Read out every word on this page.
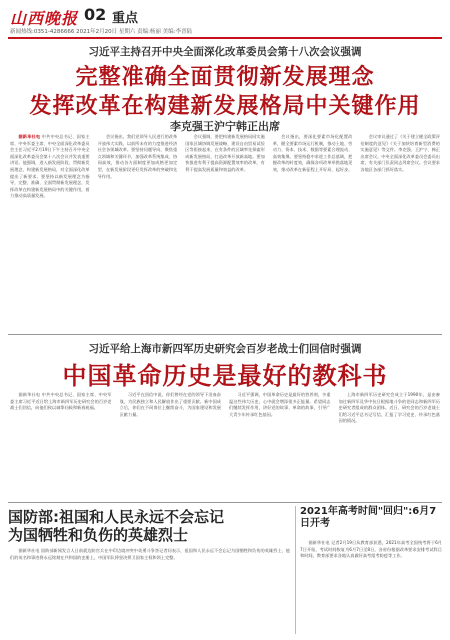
山西晚报 02 重点
新闻热线:0351-4286666 2021年2月20日 星期六 责编:杨丽 美编:李晋陆
习近平主持召开中央全面深化改革委员会第十八次会议强调
完整准确全面贯彻新发展理念
发挥改革在构建新发展格局中关键作用
李克强王沪宁韩正出席

据新华社电 中共中央总书记、国家主席、中央军委主席、中央全面深化改革委员会主任习近平2月19日下午主持召开中央全面深化改革委员会第十八次会议并发表重要讲话。他强调，进入新发展阶段、贯彻新发展理念、构建新发展格局，对全面深化改革提出了新要求。要坚持以新发展理念为指导，完整、准确、全面贯彻新发展理念，发挥改革在构建新发展格局中的关键作用，着力推动高质量发展。

会议指出，我们党领导人民进行的改革开放伟大实践，以前所未有的力度推进经济社会各领域改革。要坚持问题导向，聚焦重点领域和关键环节，加强改革系统集成、协同高效，推动各方面制度更加成熟更加定型，在新发展阶段更好发挥改革的突破和先导作用。

会议强调，要把构建新发展格局同实施国家区域协调发展战略、建设自由贸易试验区等衔接起来，在有条件的区域率先探索形成新发展格局，打造改革开放新高地。要加快推进有利于提高资源配置效率的改革，有利于提高发展质量和效益的改革。

会议指出，要深化要素市场化配置改革，健全要素市场运行机制，推动土地、劳动力、资本、技术、数据等要素合理流动、高效集聚。要坚持稳中求进工作总基调，把握改革的时度效，确保各项改革举措落地见效，推动改革在新征程上开好局、起好步。

会议审议通过了《关于建立健全政策评估制度的意见》《关于加快培育新型消费的实施意见》等文件。李克强、王沪宁、韩正出席会议。中央全面深化改革委员会委员出席，有关部门负责同志列席会议。会议要求各地区各部门抓好落实。

习近平给上海市新四军历史研究会百岁老战士们回信时强调
中国革命历史是最好的教科书

据新华社电 中共中央总书记、国家主席、中央军委主席习近平近日给上海市新四军历史研究会的百岁老战士们回信，向他们致以诚挚问候和新春祝福。

习近平在回信中说，你们曾经在党的领导下浴血奋战，为民族独立和人民解放作出了重要贡献。新中国成立后，你们在不同岗位上继续奋斗，为国家建设和发展贡献力量。

习近平强调，中国革命历史是最好的营养剂，多重温这些伟大历史，心中就会增添很多正能量。希望同志们继续发挥作用，讲好党的故事、革命的故事，引导广大青少年传承红色基因。

上海市新四军历史研究会成立于1990年，是由参加过新四军及华中抗日根据地斗争的老同志和新四军历史研究者组成的群众团体。近日，研究会的百岁老战士们给习近平总书记写信，汇报了学习党史、传承红色基因的情况。

国防部:祖国和人民永远不会忘记为国牺牲和负伤的英雄烈士

据新华社电 国防部新闻发言人日前就边防官兵在中印边境冲突中英勇斗争答记者问表示，祖国和人民永远不会忘记为国牺牲和负伤的英雄烈士，他们的英名和事迹将永远铭刻在共和国的史册上。中国军队将坚决捍卫国家主权和领土完整。

2021年高考时间"回归":6月7日开考

据新华社电 记者2月19日从教育部获悉，2021年高考全国统考将于6月7日开始，考试时间恢复为6月7日至8日，各省份根据改革要求安排考试科目和时间。教育部要求各地认真做好高考组考防疫等工作。
